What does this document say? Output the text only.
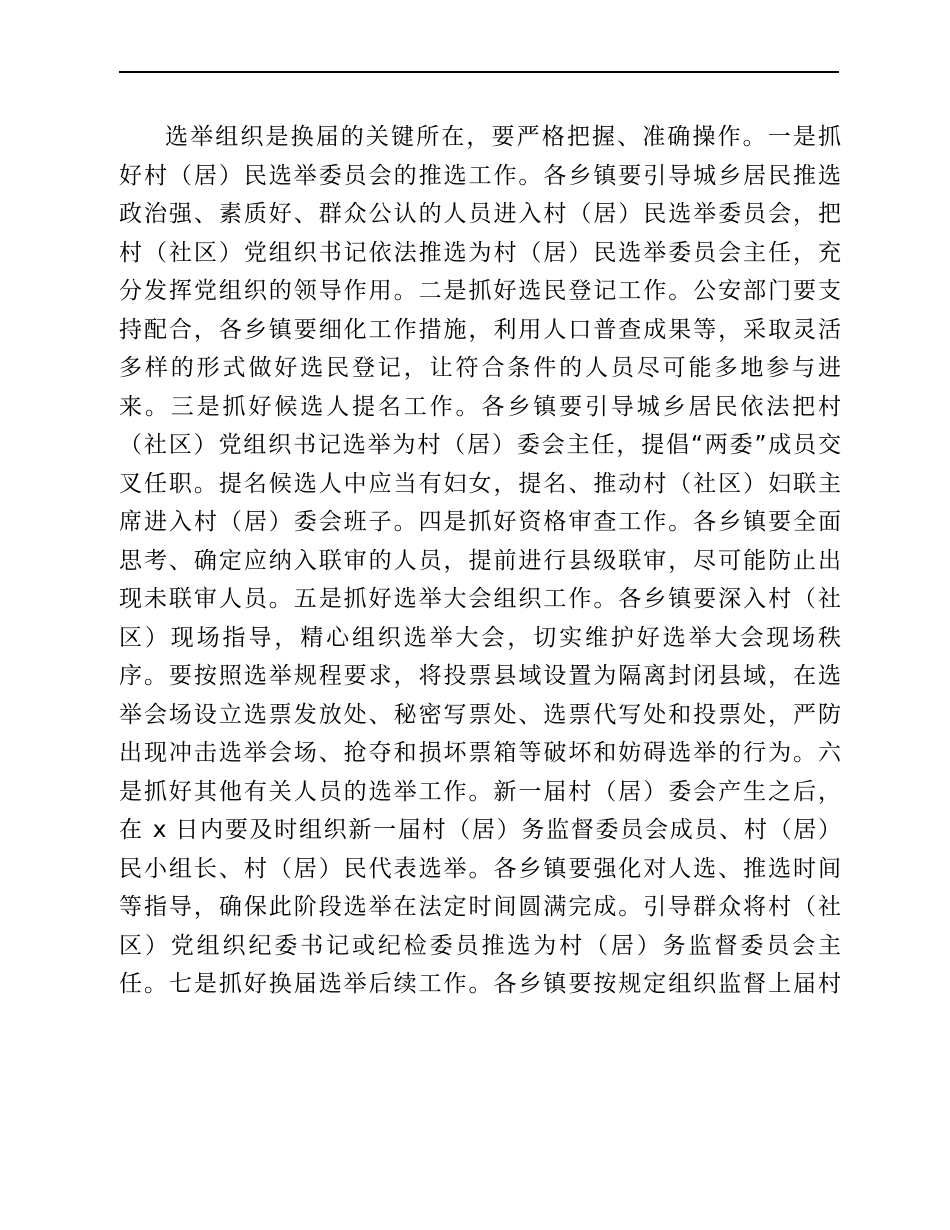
选举组织是换届的关键所在，要严格把握、准确操作。一是抓
好村（居）民选举委员会的推选工作。各乡镇要引导城乡居民推选
政治强、素质好、群众公认的人员进入村（居）民选举委员会，把
村（社区）党组织书记依法推选为村（居）民选举委员会主任，充
分发挥党组织的领导作用。二是抓好选民登记工作。公安部门要支
持配合，各乡镇要细化工作措施，利用人口普查成果等，采取灵活
多样的形式做好选民登记，让符合条件的人员尽可能多地参与进
来。三是抓好候选人提名工作。各乡镇要引导城乡居民依法把村
（社区）党组织书记选举为村（居）委会主任，提倡“两委”成员交
叉任职。提名候选人中应当有妇女，提名、推动村（社区）妇联主
席进入村（居）委会班子。四是抓好资格审查工作。各乡镇要全面
思考、确定应纳入联审的人员，提前进行县级联审，尽可能防止出
现未联审人员。五是抓好选举大会组织工作。各乡镇要深入村（社
区）现场指导，精心组织选举大会，切实维护好选举大会现场秩
序。要按照选举规程要求，将投票县域设置为隔离封闭县域，在选
举会场设立选票发放处、秘密写票处、选票代写处和投票处，严防
出现冲击选举会场、抢夺和损坏票箱等破坏和妨碍选举的行为。六
是抓好其他有关人员的选举工作。新一届村（居）委会产生之后，
在 x 日内要及时组织新一届村（居）务监督委员会成员、村（居）
民小组长、村（居）民代表选举。各乡镇要强化对人选、推选时间
等指导，确保此阶段选举在法定时间圆满完成。引导群众将村（社
区）党组织纪委书记或纪检委员推选为村（居）务监督委员会主
任。七是抓好换届选举后续工作。各乡镇要按规定组织监督上届村
